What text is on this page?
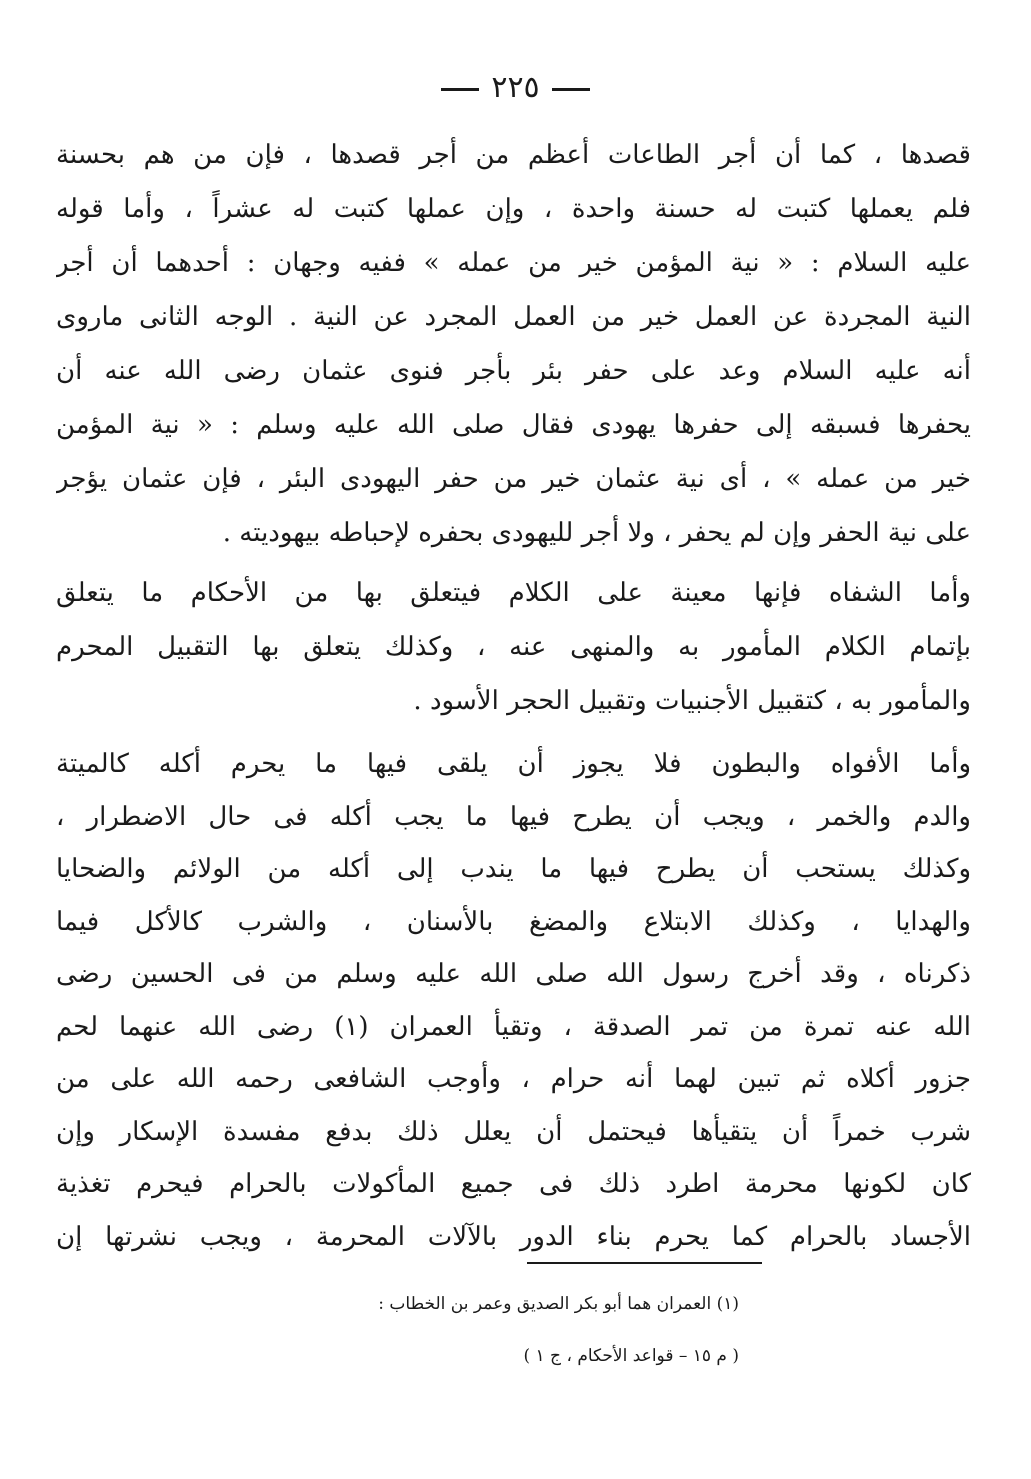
٢٢٥
قصدها ، كما أن أجر الطاعات أعظم من أجر قصدها ، فإن من هم بحسنة
فلم يعملها كتبت له حسنة واحدة ، وإن عملها كتبت له عشراً ، وأما قوله
عليه السلام : « نية المؤمن خير من عمله » ففيه وجهان : أحدهما أن أجر
النية المجردة عن العمل خير من العمل المجرد عن النية . الوجه الثانى ماروى
أنه عليه السلام وعد على حفر بئر بأجر فنوى عثمان رضى الله عنه أن
يحفرها فسبقه إلى حفرها يهودى فقال صلى الله عليه وسلم : « نية المؤمن
خير من عمله » ، أى نية عثمان خير من حفر اليهودى البئر ، فإن عثمان يؤجر
على نية الحفر وإن لم يحفر ، ولا أجر لليهودى بحفره لإحباطه بيهوديته .
وأما الشفاه فإنها معينة على الكلام فيتعلق بها من الأحكام ما يتعلق
بإتمام الكلام المأمور به والمنهى عنه ، وكذلك يتعلق بها التقبيل المحرم
والمأمور به ، كتقبيل الأجنبيات وتقبيل الحجر الأسود .
وأما الأفواه والبطون فلا يجوز أن يلقى فيها ما يحرم أكله كالميتة
والدم والخمر ، ويجب أن يطرح فيها ما يجب أكله فى حال الاضطرار ،
وكذلك يستحب أن يطرح فيها ما يندب إلى أكله من الولائم والضحايا
والهدايا ، وكذلك الابتلاع والمضغ بالأسنان ، والشرب كالأكل فيما
ذكرناه ، وقد أخرج رسول الله صلى الله عليه وسلم من فى الحسين رضى
الله عنه تمرة من تمر الصدقة ، وتقيأ العمران (١) رضى الله عنهما لحم
جزور أكلاه ثم تبين لهما أنه حرام ، وأوجب الشافعى رحمه الله على من
شرب خمراً أن يتقيأها فيحتمل أن يعلل ذلك بدفع مفسدة الإسكار وإن
كان لكونها محرمة اطرد ذلك فى جميع المأكولات بالحرام فيحرم تغذية
الأجساد بالحرام كما يحرم بناء الدور بالآلات المحرمة ، ويجب نشرتها إن
(١) العمران هما أبو بكر الصديق وعمر بن الخطاب :
( م ١٥ – قواعد الأحكام ، ج ١ )
